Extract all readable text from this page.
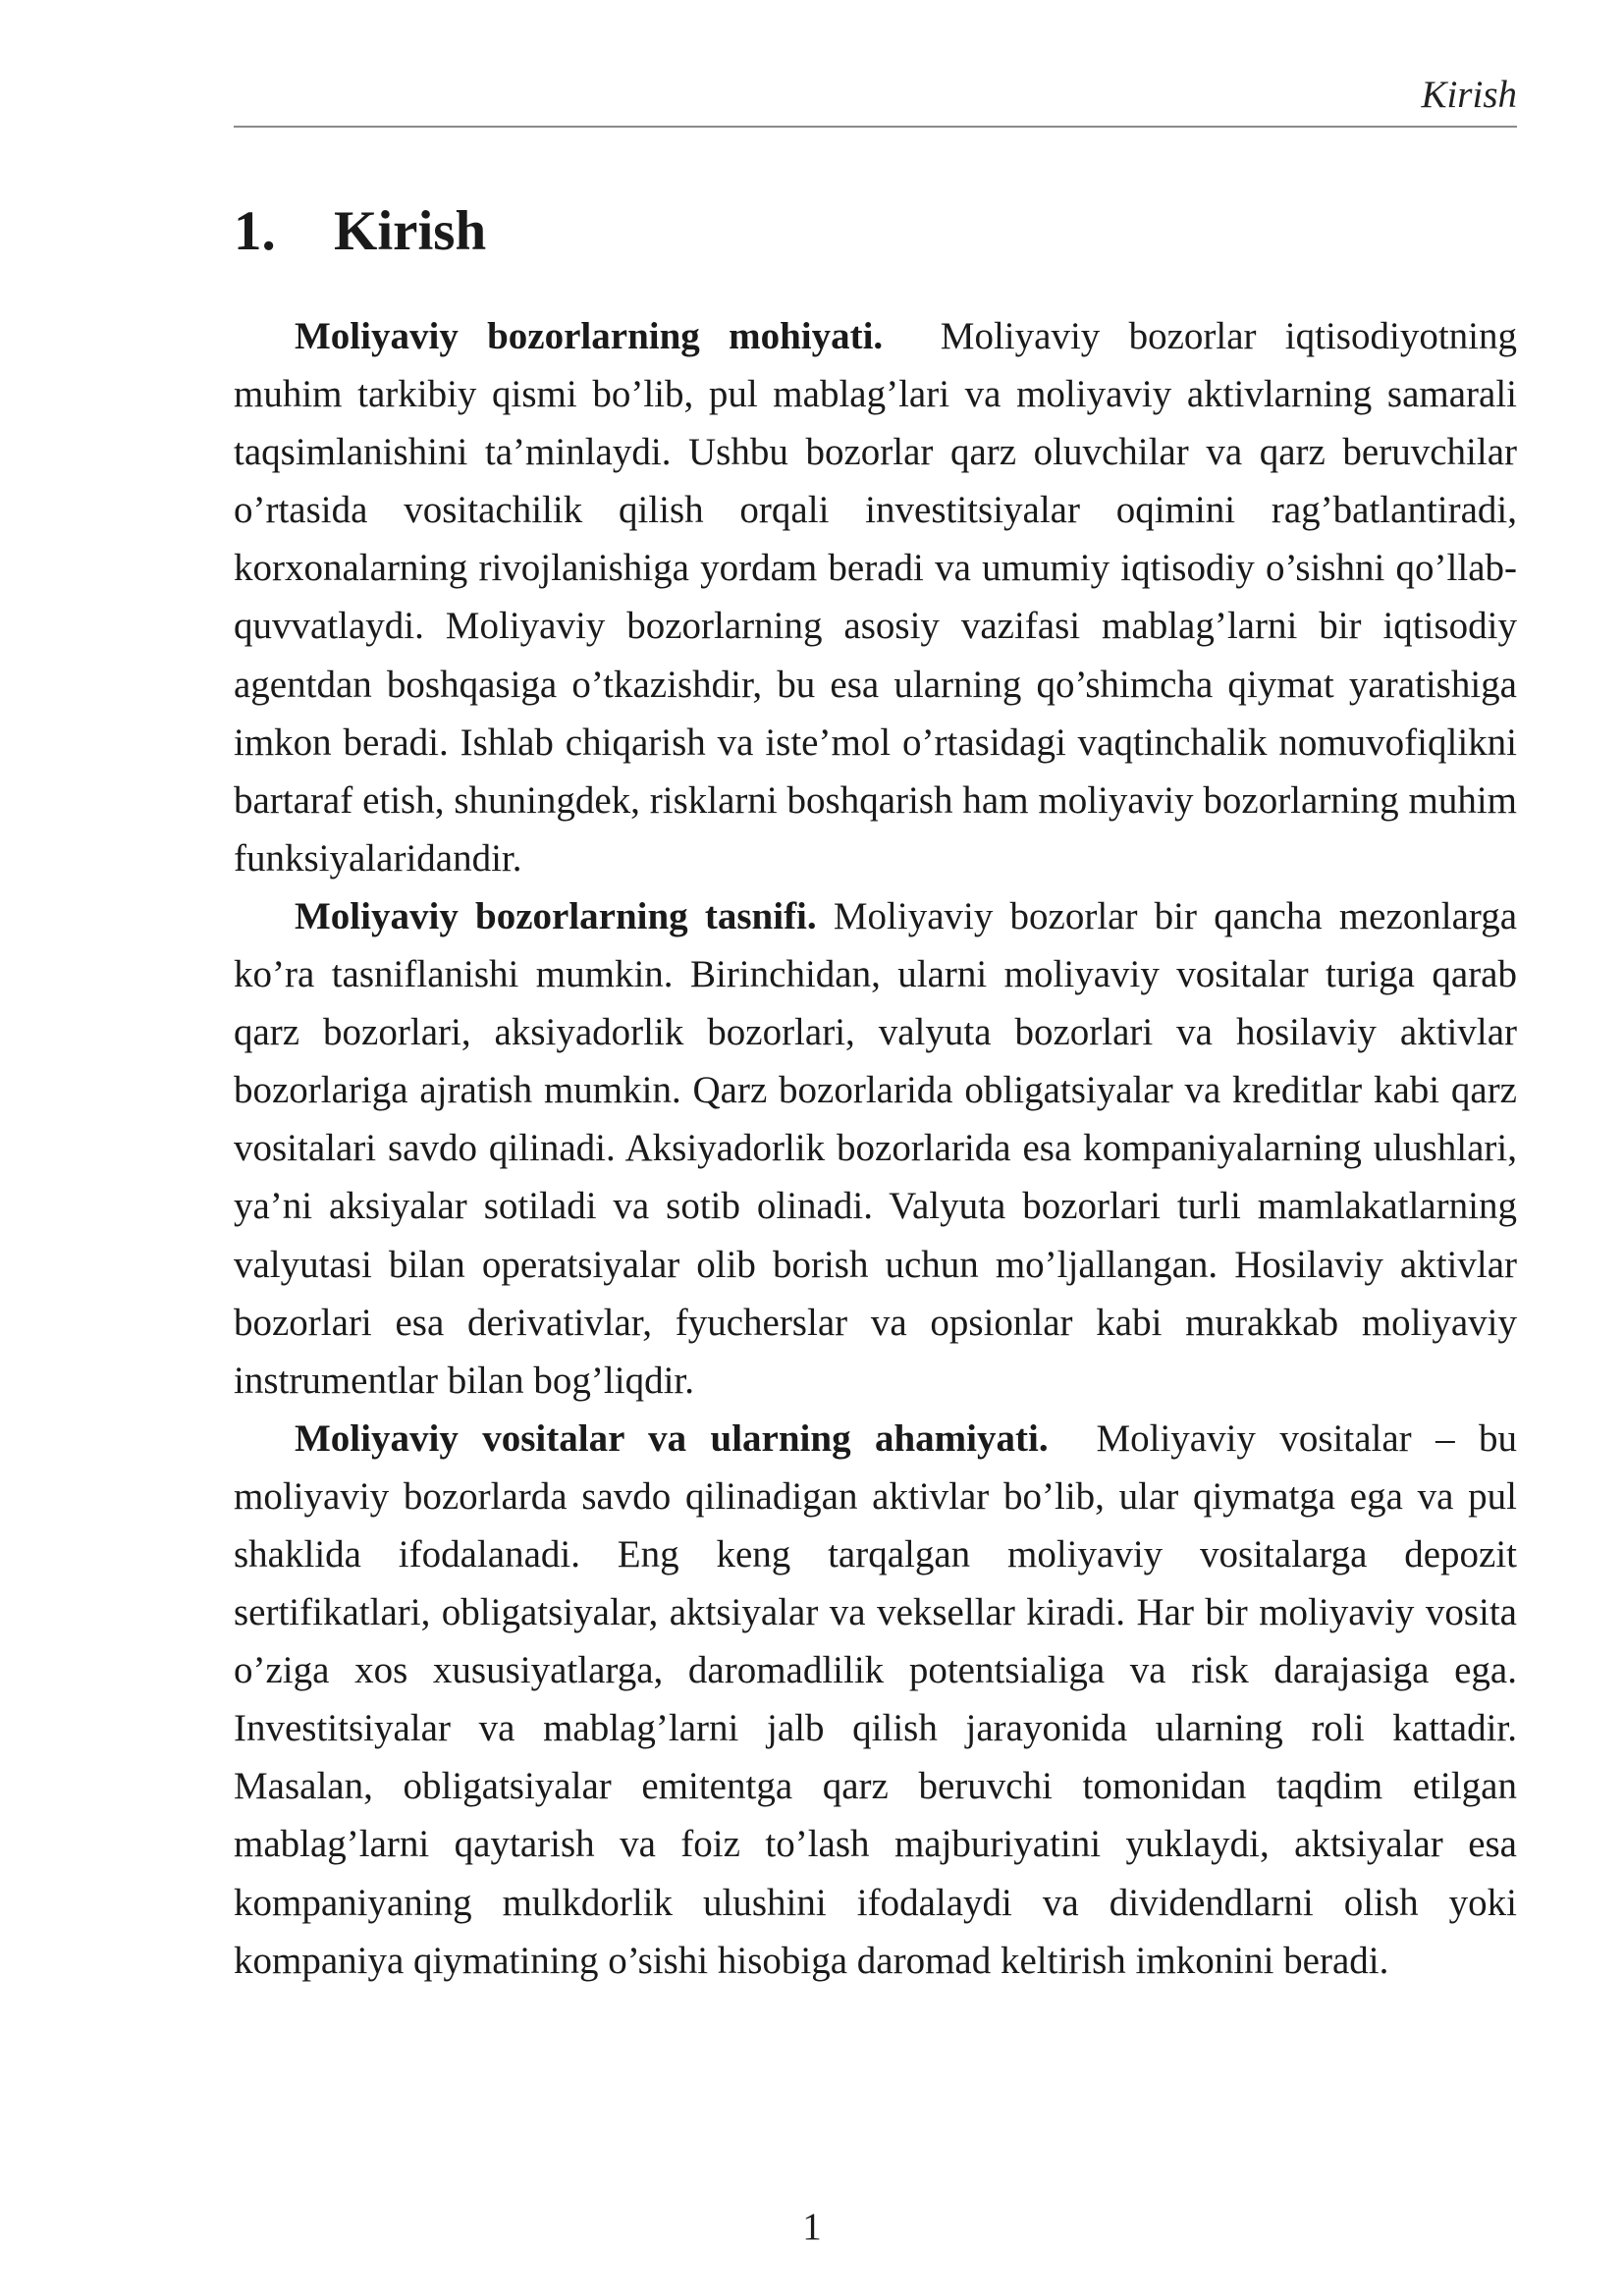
Kirish
1. Kirish

Moliyaviy bozorlarning mohiyati. Moliyaviy bozorlar iqtisodiyotning muhim tarkibiy qismi bo’lib, pul mablag’lari va moliyaviy aktivlarning samarali taqsimlanishini ta’minlaydi. Ushbu bozorlar qarz oluvchilar va qarz beruvchilar o’rtasida vositachilik qilish orqali investitsiyalar oqimini rag’batlantiradi, korxonalarning rivojlanishiga yordam beradi va umumiy iqtisodiy o’sishni qo’llab-quvvatlaydi. Moliyaviy bozorlarning asosiy vazifasi mablag’larni bir iqtisodiy agentdan boshqasiga o’tkazishdir, bu esa ularning qo’shimcha qiymat yaratishiga imkon beradi. Ishlab chiqarish va iste’mol o’rtasidagi vaqtinchalik nomuvofiqlikni bartaraf etish, shuningdek, risklarni boshqarish ham moliyaviy bozorlarning muhim funksiyalaridandir.

Moliyaviy bozorlarning tasnifi. Moliyaviy bozorlar bir qancha mezonlarga ko’ra tasniflanishi mumkin. Birinchidan, ularni moliyaviy vositalar turiga qarab qarz bozorlari, aksiyadorlik bozorlari, valyuta bozorlari va hosilaviy aktivlar bozorlariga ajratish mumkin. Qarz bozorlarida obligatsiyalar va kreditlar kabi qarz vositalari savdo qilinadi. Aksiyadorlik bozorlarida esa kompaniyalarning ulushlari, ya’ni aksiyalar sotiladi va sotib olinadi. Valyuta bozorlari turli mamlakatlarning valyutasi bilan operatsiyalar olib borish uchun mo’ljallangan. Hosilaviy aktivlar bozorlari esa derivativlar, fyucherslar va opsionlar kabi murakkab moliyaviy instrumentlar bilan bog’liqdir.

Moliyaviy vositalar va ularning ahamiyati. Moliyaviy vositalar – bu moliyaviy bozorlarda savdo qilinadigan aktivlar bo’lib, ular qiymatga ega va pul shaklida ifodalanadi. Eng keng tarqalgan moliyaviy vositalarga depozit sertifikatlari, obligatsiyalar, aktsiyalar va veksellar kiradi. Har bir moliyaviy vosita o’ziga xos xususiyatlarga, daromadlilik potentsialiga va risk darajasiga ega. Investitsiyalar va mablag’larni jalb qilish jarayonida ularning roli kattadir. Masalan, obligatsiyalar emitentga qarz beruvchi tomonidan taqdim etilgan mablag’larni qaytarish va foiz to’lash majburiyatini yuklaydi, aktsiyalar esa kompaniyaning mulkdorlik ulushini ifodalaydi va dividendlarni olish yoki kompaniya qiymatining o’sishi hisobiga daromad keltirish imkonini beradi.

1
